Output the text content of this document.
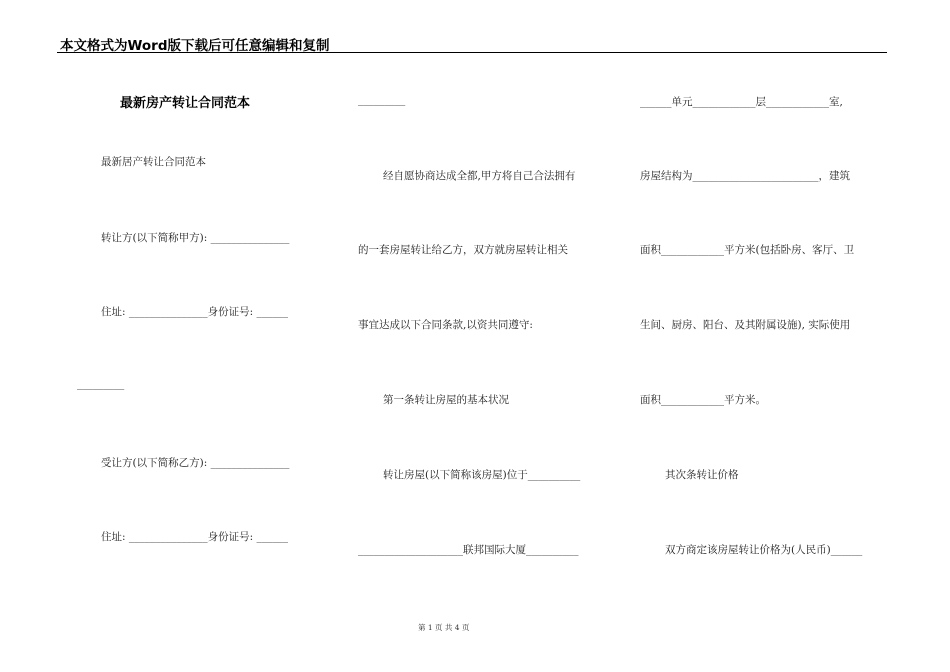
本文格式为Word版下载后可任意编辑和复制
最新房产转让合同范本
最新居产转让合同范本
转让方(以下简称甲方): _______________
住址: _______________身份证号: ______
_________
受让方(以下简称乙方): _______________
住址: _______________身份证号: ______
_________
经自愿协商达成全都,甲方将自己合法拥有
的一套房屋转让给乙方，双方就房屋转让相关
事宜达成以下合同条款,以资共同遵守:
第一条转让房屋的基本状况
转让房屋(以下简称该房屋)位于__________
____________________联邦国际大厦__________
______单元____________层____________室,
房屋结构为________________________，建筑
面积____________平方米(包括卧房、客厅、卫
生间、厨房、阳台、及其附属设施), 实际使用
面积____________平方米。
其次条转让价格
双方商定该房屋转让价格为(人民币)______
第 1 页 共 4 页
